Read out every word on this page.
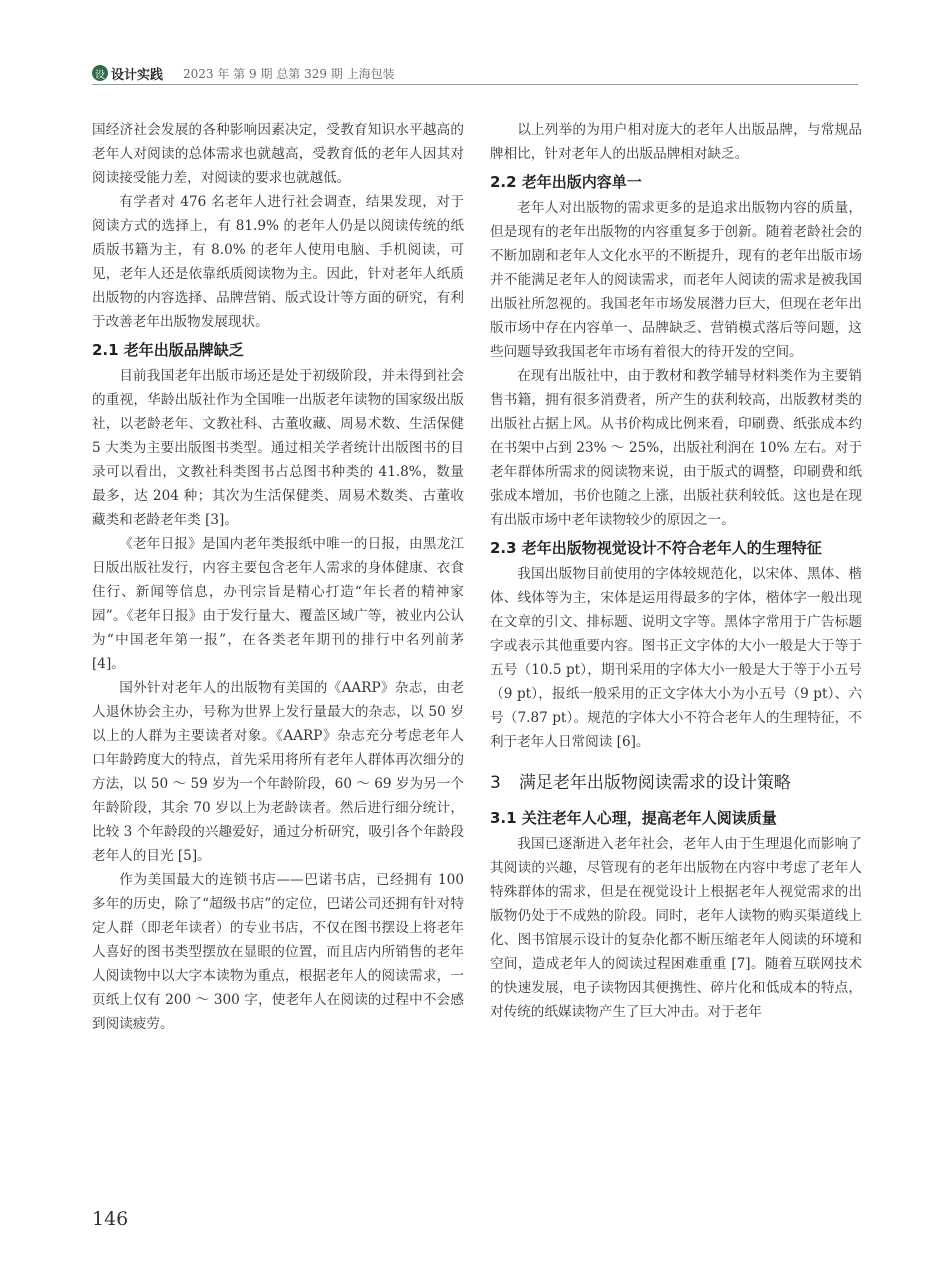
设 设计实践 2023 年 第 9 期 总第 329 期 上海包装

国经济社会发展的各种影响因素决定，受教育知识水平越高的老年人对阅读的总体需求也就越高，受教育低的老年人因其对阅读接受能力差，对阅读的要求也就越低。

有学者对 476 名老年人进行社会调查，结果发现，对于阅读方式的选择上，有 81.9% 的老年人仍是以阅读传统的纸质版书籍为主，有 8.0% 的老年人使用电脑、手机阅读，可见，老年人还是依靠纸质阅读物为主。因此，针对老年人纸质出版物的内容选择、品牌营销、版式设计等方面的研究，有利于改善老年出版物发展现状。

2.1 老年出版品牌缺乏

目前我国老年出版市场还是处于初级阶段，并未得到社会的重视，华龄出版社作为全国唯一出版老年读物的国家级出版社，以老龄老年、文教社科、古董收藏、周易术数、生活保健 5 大类为主要出版图书类型。通过相关学者统计出版图书的目录可以看出，文教社科类图书占总图书种类的 41.8%，数量最多，达 204 种；其次为生活保健类、周易术数类、古董收藏类和老龄老年类 [3]。

《老年日报》是国内老年类报纸中唯一的日报，由黑龙江日版出版社发行，内容主要包含老年人需求的身体健康、衣食住行、新闻等信息，办刊宗旨是精心打造“年长者的精神家园”。《老年日报》由于发行量大、覆盖区域广等，被业内公认为“中国老年第一报”，在各类老年期刊的排行中名列前茅 [4]。

国外针对老年人的出版物有美国的《AARP》杂志，由老人退休协会主办，号称为世界上发行量最大的杂志，以 50 岁以上的人群为主要读者对象。《AARP》杂志充分考虑老年人口年龄跨度大的特点，首先采用将所有老年人群体再次细分的方法，以 50 ～ 59 岁为一个年龄阶段，60 ～ 69 岁为另一个年龄阶段，其余 70 岁以上为老龄读者。然后进行细分统计，比较 3 个年龄段的兴趣爱好，通过分析研究，吸引各个年龄段老年人的目光 [5]。

作为美国最大的连锁书店——巴诺书店，已经拥有 100 多年的历史，除了“超级书店”的定位，巴诺公司还拥有针对特定人群（即老年读者）的专业书店，不仅在图书摆设上将老年人喜好的图书类型摆放在显眼的位置，而且店内所销售的老年人阅读物中以大字本读物为重点，根据老年人的阅读需求，一页纸上仅有 200 ～ 300 字，使老年人在阅读的过程中不会感到阅读疲劳。

以上列举的为用户相对庞大的老年人出版品牌，与常规品牌相比，针对老年人的出版品牌相对缺乏。

2.2 老年出版内容单一

老年人对出版物的需求更多的是追求出版物内容的质量，但是现有的老年出版物的内容重复多于创新。随着老龄社会的不断加剧和老年人文化水平的不断提升，现有的老年出版市场并不能满足老年人的阅读需求，而老年人阅读的需求是被我国出版社所忽视的。我国老年市场发展潜力巨大，但现在老年出版市场中存在内容单一、品牌缺乏、营销模式落后等问题，这些问题导致我国老年市场有着很大的待开发的空间。

在现有出版社中，由于教材和教学辅导材料类作为主要销售书籍，拥有很多消费者，所产生的获利较高，出版教材类的出版社占据上风。从书价构成比例来看，印刷费、纸张成本约在书架中占到 23% ～ 25%，出版社利润在 10% 左右。对于老年群体所需求的阅读物来说，由于版式的调整，印刷费和纸张成本增加，书价也随之上涨，出版社获利较低。这也是在现有出版市场中老年读物较少的原因之一。

2.3 老年出版物视觉设计不符合老年人的生理特征

我国出版物目前使用的字体较规范化，以宋体、黑体、楷体、线体等为主，宋体是运用得最多的字体，楷体字一般出现在文章的引文、排标题、说明文字等。黑体字常用于广告标题字或表示其他重要内容。图书正文字体的大小一般是大于等于五号（10.5 pt），期刊采用的字体大小一般是大于等于小五号（9 pt），报纸一般采用的正文字体大小为小五号（9 pt）、六号（7.87 pt）。规范的字体大小不符合老年人的生理特征，不利于老年人日常阅读 [6]。

3 满足老年出版物阅读需求的设计策略
3.1 关注老年人心理，提高老年人阅读质量

我国已逐渐进入老年社会，老年人由于生理退化而影响了其阅读的兴趣，尽管现有的老年出版物在内容中考虑了老年人特殊群体的需求，但是在视觉设计上根据老年人视觉需求的出版物仍处于不成熟的阶段。同时，老年人读物的购买渠道线上化、图书馆展示设计的复杂化都不断压缩老年人阅读的环境和空间，造成老年人的阅读过程困难重重 [7]。随着互联网技术的快速发展，电子读物因其便携性、碎片化和低成本的特点，对传统的纸媒读物产生了巨大冲击。对于老年

146
